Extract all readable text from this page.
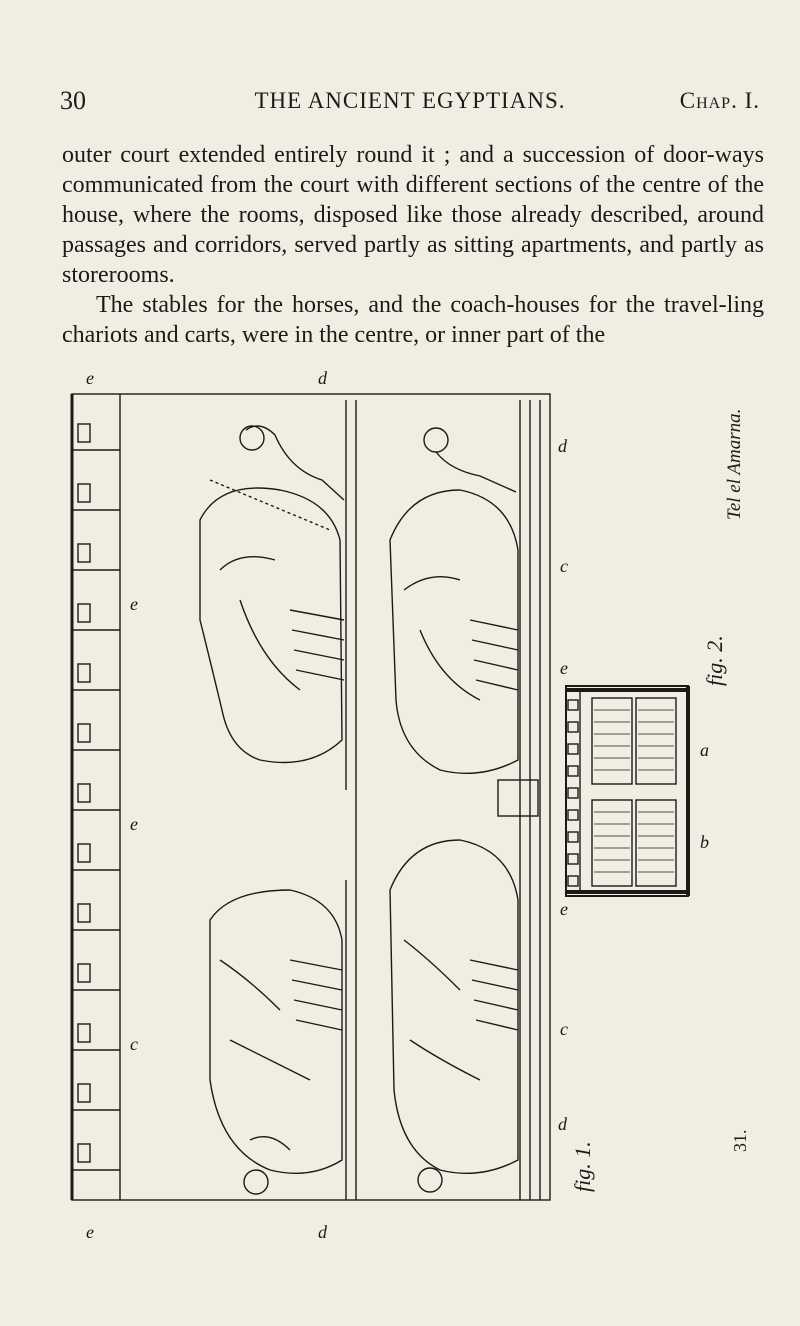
30	THE ANCIENT EGYPTIANS.	Chap. I.

outer court extended entirely round it ; and a succession of door-ways communicated from the court with different sections of the centre of the house, where the rooms, disposed like those already described, around passages and corridors, served partly as sitting apartments, and partly as storerooms.

The stables for the horses, and the coach-houses for the travel-ling chariots and carts, were in the centre, or inner part of the

e	d
e
e
c
e	d
d
c
e
e
c
d
a
b
Tel el Amarna.
fig. 2.
fig. 1.
31.
